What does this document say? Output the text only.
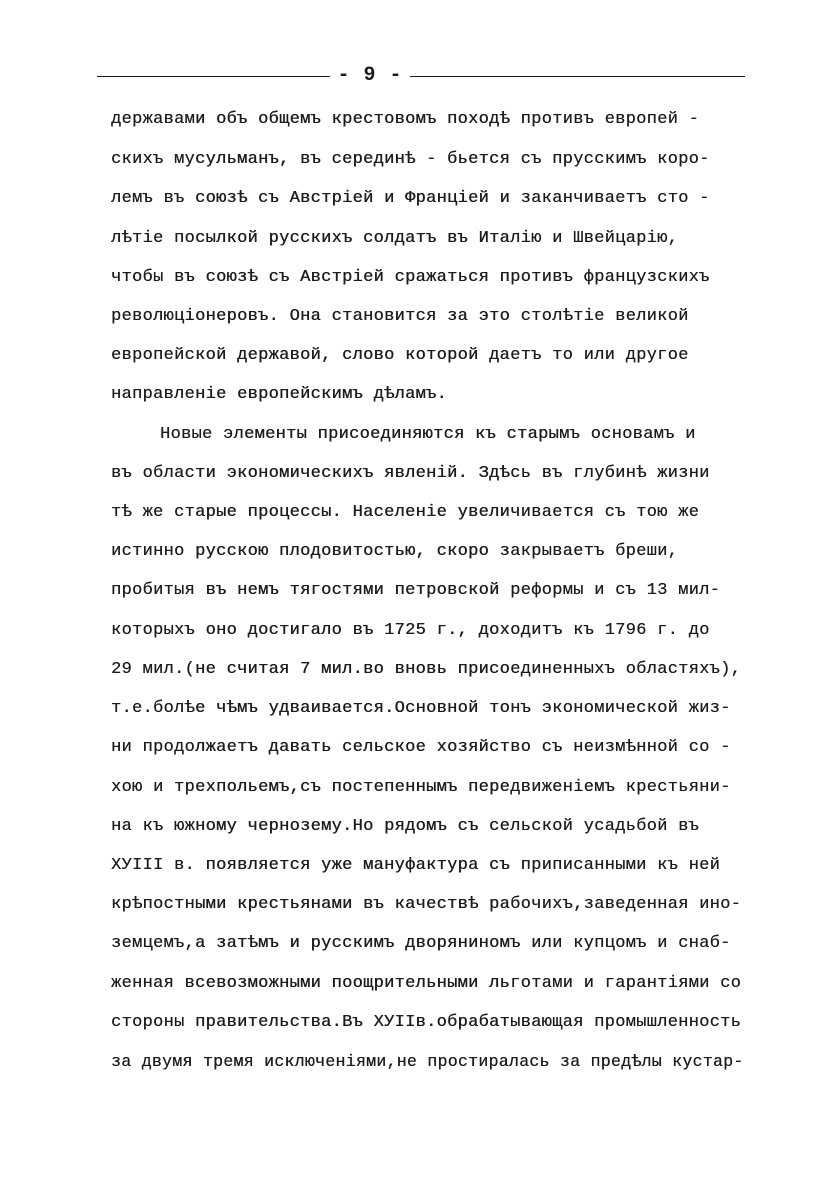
- 9 -
державами объ общемъ крестовомъ походѣ противъ европей -
скихъ мусульманъ, въ серединѣ - бьется съ прусскимъ коро-
лемъ въ союзѣ съ Австріей и Франціей и заканчиваетъ сто -
лѣтіе посылкой русскихъ солдатъ въ Италію и Швейцарію,
чтобы въ союзѣ съ Австріей сражаться противъ французскихъ
революціонеровъ. Она становится за это столѣтіе великой
европейской державой, слово которой даетъ то или другое
направленіе европейскимъ дѣламъ.
Новые элементы присоединяются къ старымъ основамъ и
въ области экономическихъ явленій. Здѣсь въ глубинѣ жизни
тѣ же старые процессы. Населеніе увеличивается съ тою же
истинно русскою плодовитостью, скоро закрываетъ бреши,
пробитыя въ немъ тягостями петровской реформы и съ 13 мил-
которыхъ оно достигало въ 1725 г., доходитъ къ 1796 г. до
29 мил.(не считая 7 мил.во вновь присоединенныхъ областяхъ),
т.е.болѣе чѣмъ удваивается.Основной тонъ экономической жиз-
ни продолжаетъ давать сельское хозяйство съ неизмѣнной со -
хою и трехпольемъ,съ постепеннымъ передвиженіемъ крестьяни-
на къ южному чернозему.Но рядомъ съ сельской усадьбой въ
ХУIII в. появляется уже мануфактура съ приписанными къ ней
крѣпостными крестьянами въ качествѣ рабочихъ,заведенная ино-
земцемъ,а затѣмъ и русскимъ дворяниномъ или купцомъ и снаб-
женная всевозможными поощрительными льготами и гарантіями со
стороны правительства.Въ ХУIIв.обрабатывающая промышленность
за двумя тремя исключеніями,не простиралась за предѣлы кустар-
